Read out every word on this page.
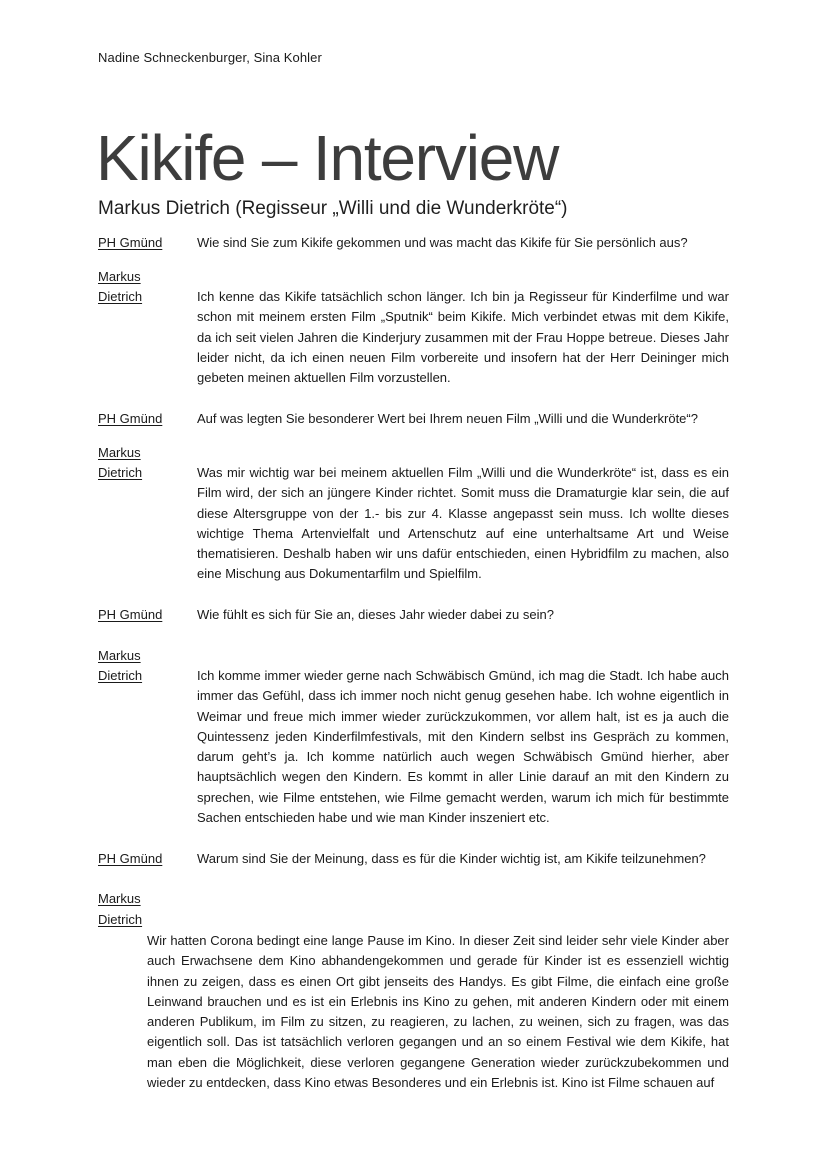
Nadine Schneckenburger, Sina Kohler
Kikife – Interview
Markus Dietrich (Regisseur „Willi und die Wunderkröte“)
PH Gmünd	Wie sind Sie zum Kikife gekommen und was macht das Kikife für Sie persönlich aus?
Markus
Dietrich	Ich kenne das Kikife tatsächlich schon länger. Ich bin ja Regisseur für Kinderfilme und war schon mit meinem ersten Film „Sputnik“ beim Kikife. Mich verbindet etwas mit dem Kikife, da ich seit vielen Jahren die Kinderjury zusammen mit der Frau Hoppe betreue. Dieses Jahr leider nicht, da ich einen neuen Film vorbereite und insofern hat der Herr Deininger mich gebeten meinen aktuellen Film vorzustellen.
PH Gmünd	Auf was legten Sie besonderer Wert bei Ihrem neuen Film „Willi und die Wunderkröte“?
Markus
Dietrich	Was mir wichtig war bei meinem aktuellen Film „Willi und die Wunderkröte“ ist, dass es ein Film wird, der sich an jüngere Kinder richtet. Somit muss die Dramaturgie klar sein, die auf diese Altersgruppe von der 1.- bis zur 4. Klasse angepasst sein muss. Ich wollte dieses wichtige Thema Artenvielfalt und Artenschutz auf eine unterhaltsame Art und Weise thematisieren. Deshalb haben wir uns dafür entschieden, einen Hybridfilm zu machen, also eine Mischung aus Dokumentarfilm und Spielfilm.
PH Gmünd	Wie fühlt es sich für Sie an, dieses Jahr wieder dabei zu sein?
Markus
Dietrich	Ich komme immer wieder gerne nach Schwäbisch Gmünd, ich mag die Stadt. Ich habe auch immer das Gefühl, dass ich immer noch nicht genug gesehen habe. Ich wohne eigentlich in Weimar und freue mich immer wieder zurückzukommen, vor allem halt, ist es ja auch die Quintessenz jeden Kinderfilmfestivals, mit den Kindern selbst ins Gespräch zu kommen, darum geht’s ja. Ich komme natürlich auch wegen Schwäbisch Gmünd hierher, aber hauptsächlich wegen den Kindern. Es kommt in aller Linie darauf an mit den Kindern zu sprechen, wie Filme entstehen, wie Filme gemacht werden, warum ich mich für bestimmte Sachen entschieden habe und wie man Kinder inszeniert etc.
PH Gmünd	Warum sind Sie der Meinung, dass es für die Kinder wichtig ist, am Kikife teilzunehmen?
Markus
Dietrich
Wir hatten Corona bedingt eine lange Pause im Kino. In dieser Zeit sind leider sehr viele Kinder aber auch Erwachsene dem Kino abhandengekommen und gerade für Kinder ist es essenziell wichtig ihnen zu zeigen, dass es einen Ort gibt jenseits des Handys. Es gibt Filme, die einfach eine große Leinwand brauchen und es ist ein Erlebnis ins Kino zu gehen, mit anderen Kindern oder mit einem anderen Publikum, im Film zu sitzen, zu reagieren, zu lachen, zu weinen, sich zu fragen, was das eigentlich soll. Das ist tatsächlich verloren gegangen und an so einem Festival wie dem Kikife, hat man eben die Möglichkeit, diese verloren gegangene Generation wieder zurückzubekommen und wieder zu entdecken, dass Kino etwas Besonderes und ein Erlebnis ist. Kino ist Filme schauen auf
